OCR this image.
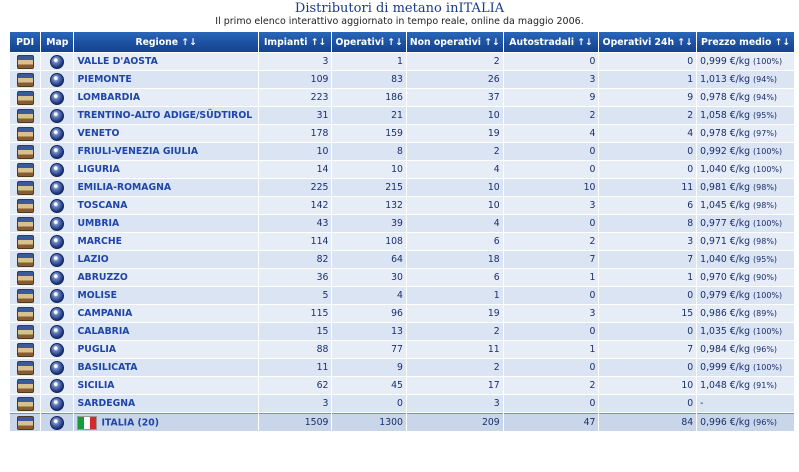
Distributori di metano inITALIA
Il primo elenco interattivo aggiornato in tempo reale, online da maggio 2006.
PDI	Map	Regione ↑↓	Impianti ↑↓	Operativi ↑↓	Non operativi ↑↓	Autostradali ↑↓	Operativi 24h ↑↓	Prezzo medio ↑↓
		VALLE D'AOSTA	3	1	2	0	0	0,999 €/kg (100%)
		PIEMONTE	109	83	26	3	1	1,013 €/kg (94%)
		LOMBARDIA	223	186	37	9	9	0,978 €/kg (94%)
		TRENTINO-ALTO ADIGE/SÜDTIROL	31	21	10	2	2	1,058 €/kg (95%)
		VENETO	178	159	19	4	4	0,978 €/kg (97%)
		FRIULI-VENEZIA GIULIA	10	8	2	0	0	0,992 €/kg (100%)
		LIGURIA	14	10	4	0	0	1,040 €/kg (100%)
		EMILIA-ROMAGNA	225	215	10	10	11	0,981 €/kg (98%)
		TOSCANA	142	132	10	3	6	1,045 €/kg (98%)
		UMBRIA	43	39	4	0	8	0,977 €/kg (100%)
		MARCHE	114	108	6	2	3	0,971 €/kg (98%)
		LAZIO	82	64	18	7	7	1,040 €/kg (95%)
		ABRUZZO	36	30	6	1	1	0,970 €/kg (90%)
		MOLISE	5	4	1	0	0	0,979 €/kg (100%)
		CAMPANIA	115	96	19	3	15	0,986 €/kg (89%)
		CALABRIA	15	13	2	0	0	1,035 €/kg (100%)
		PUGLIA	88	77	11	1	7	0,984 €/kg (96%)
		BASILICATA	11	9	2	0	0	0,999 €/kg (100%)
		SICILIA	62	45	17	2	10	1,048 €/kg (91%)
		SARDEGNA	3	0	3	0	0	-
		ITALIA (20)	1509	1300	209	47	84	0,996 €/kg (96%)
